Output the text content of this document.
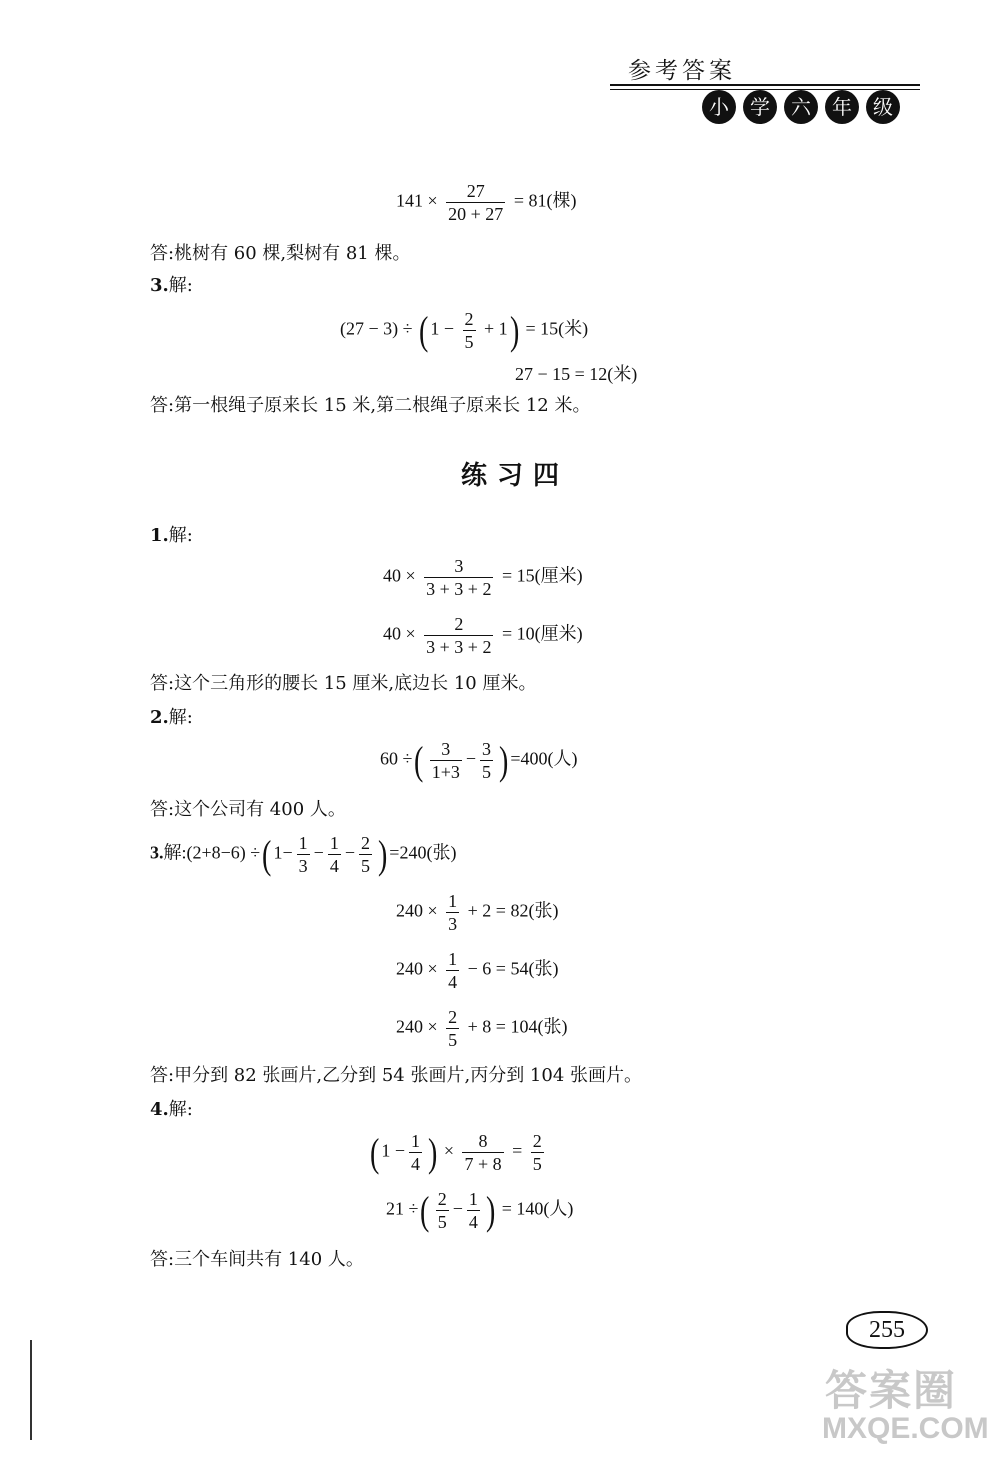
参考答案
小	学	六	年	级
$141 \times \frac{27}{20 + 27} = 81$(棵)
答:桃树有 60 棵,梨树有 81 棵。
3.解:
(27 − 3) ÷ ( $1 - \frac{2}{5} + 1) = 15$(米)
27 − 15 = 12(米)
答:第一根绳子原来长 15 米,第二根绳子原来长 12 米。
练习四
1.解:
$40 \times \frac{3}{3 + 3 + 2} = 15$(厘米)
$40 \times \frac{2}{3 + 3 + 2} = 10$(厘米)
答:这个三角形的腰长 15 厘米,底边长 10 厘米。
2.解:
60 ÷( $\frac{3}{1+3} - \frac{3}{5}$ ) =400(人)
答:这个公司有 400 人。
3.解:(2+8−6) ÷( $1- \frac{1}{3} - \frac{1}{4} - \frac{2}{5}$ ) =240(张)
$240 \times \frac{1}{3} + 2 = 82$(张)
$240 \times \frac{1}{4} - 6 = 54$(张)
$240 \times \frac{2}{5} + 8 = 104$(张)
答:甲分到 82 张画片,乙分到 54 张画片,丙分到 104 张画片。
4.解:
( $1 - \frac{1}{4}$ ) × $\frac{8}{7 + 8} = \frac{2}{5}$
21 ÷( $\frac{2}{5} - \frac{1}{4}$ ) = 140(人)
答:三个车间共有 140 人。
255
答案圈
MXQE.COM
